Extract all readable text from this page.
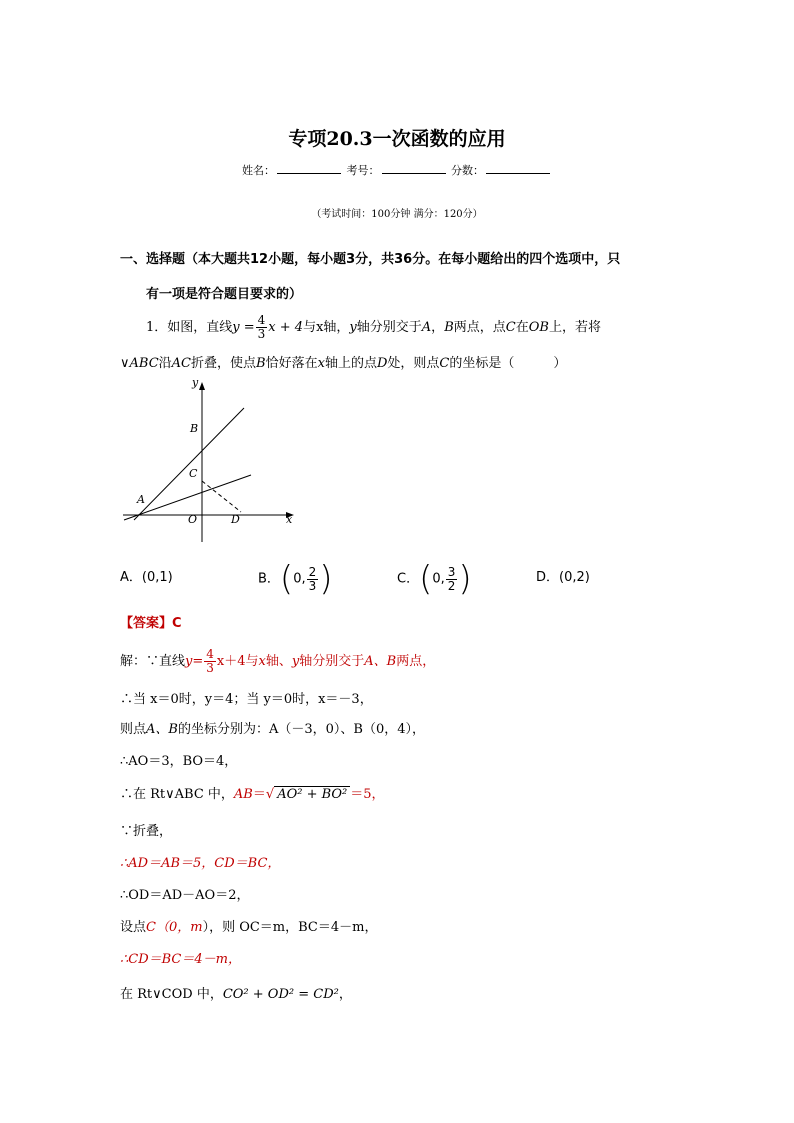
专项20.3一次函数的应用
姓名：	考号：	分数：
（考试时间：100分钟 满分：120分）
一、选择题（本大题共12小题，每小题3分，共36分。在每小题给出的四个选项中，只
有一项是符合题目要求的）
1．如图，直线$y = \frac{4}{3}$ x + 4与x轴，y轴分别交于A，B两点，点C在OB上，若将
∨ABC沿AC折叠，使点B恰好落在x轴上的点D处，则点C的坐标是（　　　）
y
x
B
C
A
O	D
A．(0,1)	B．(0, $\frac{2}{3}$ )	C．(0, $\frac{3}{2}$ )	D．(0,2)
【答案】C
解：∵直线$y= \frac{4}{3} x+4$与x轴、y轴分别交于A、B两点，
∴当 x＝0时，y＝4；当 y＝0时，x＝－3，
则点A、B的坐标分别为：A（－3，0）、B（0，4），
∴AO＝3，BO＝4，
∴在 Rt∨ABC 中，AB＝√ AO² + BO² ＝5，
∵折叠，
∴AD＝AB＝5，CD＝BC，
∴OD＝AD－AO＝2，
设点C（0，m），则 OC＝m，BC＝4－m，
∴CD＝BC＝4－m，
在 Rt∨COD 中，CO² + OD² = CD²，
